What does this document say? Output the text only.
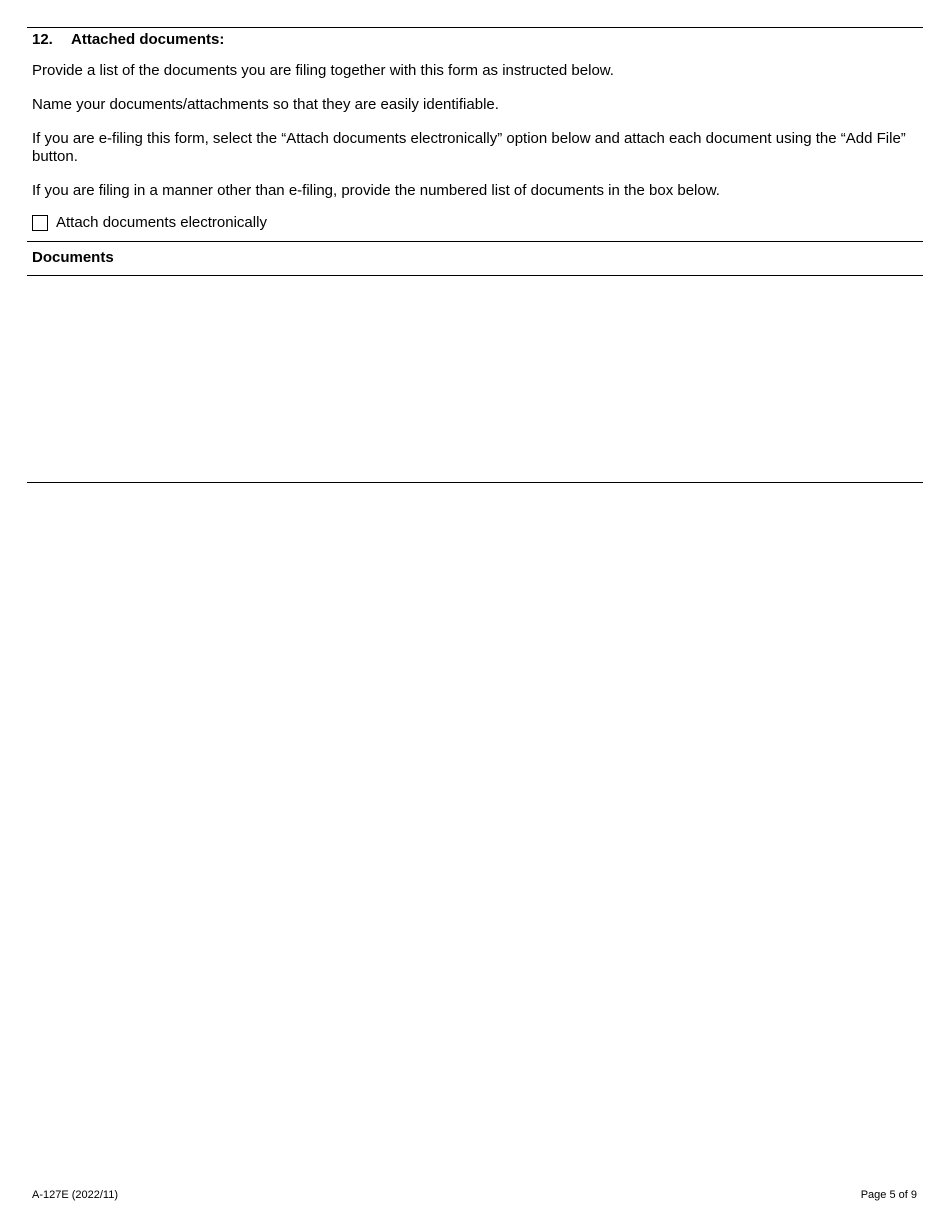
12. Attached documents:
Provide a list of the documents you are filing together with this form as instructed below.
Name your documents/attachments so that they are easily identifiable.
If you are e-filing this form, select the “Attach documents electronically” option below and attach each document using the “Add File” button.
If you are filing in a manner other than e-filing, provide the numbered list of documents in the box below.
Attach documents electronically
Documents
A-127E (2022/11)	Page 5 of 9
